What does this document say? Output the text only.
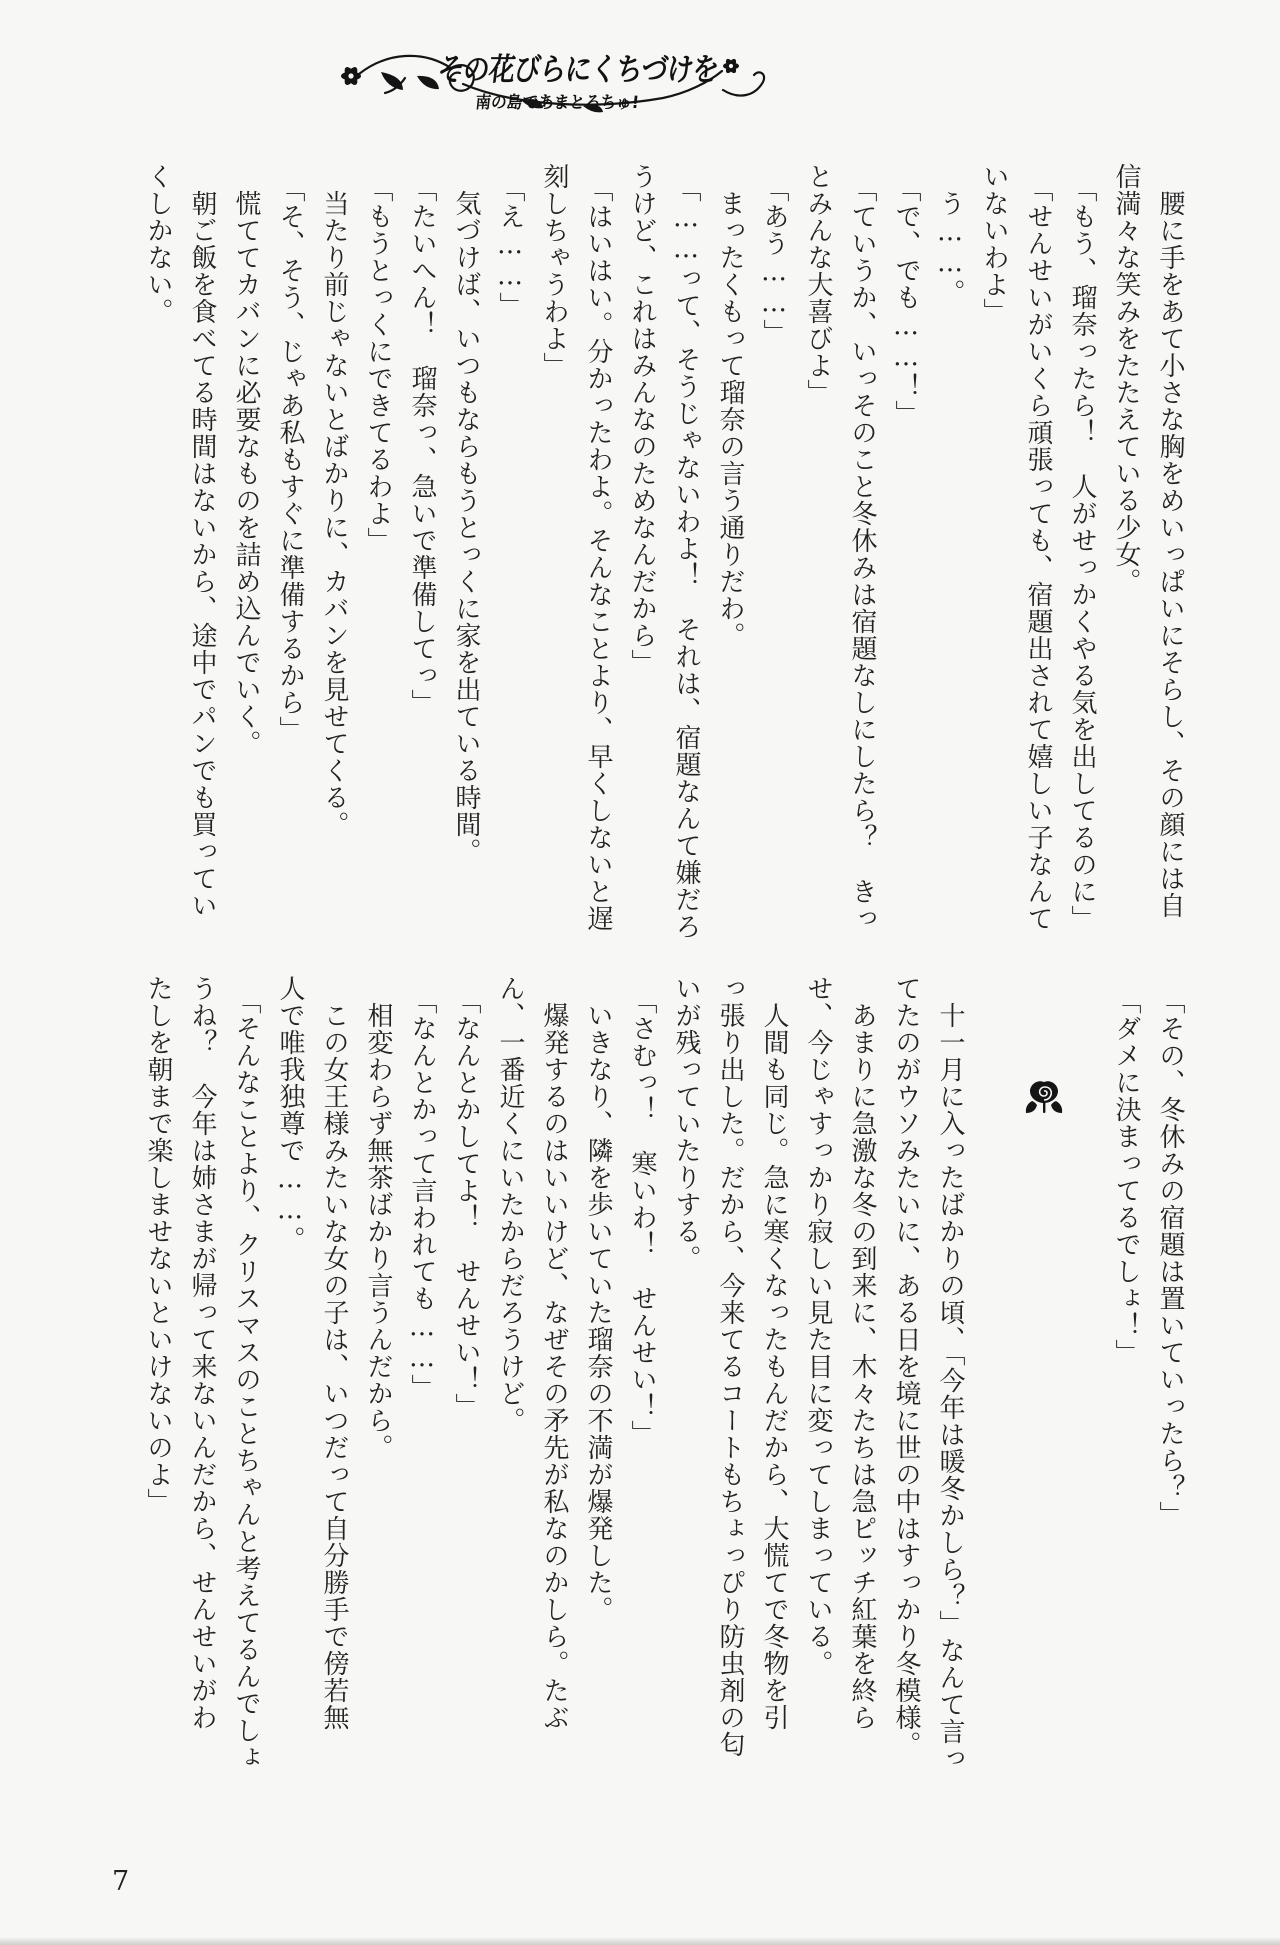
その花びらにくちづけを
南の島であまとろちゅ!

　腰に手をあて小さな胸をめいっぱいにそらし、その顔には自

信満々な笑みをたたえている少女。

「もう、瑠奈ったら！　人がせっかくやる気を出してるのに」

「せんせいがいくら頑張っても、宿題出されて嬉しい子なんて

いないわよ」

　う……。

「で、でも……！」

「ていうか、いっそのこと冬休みは宿題なしにしたら？　きっ

とみんな大喜びよ」

「あう……」

　まったくもって瑠奈の言う通りだわ。

「……って、そうじゃないわよ！　それは、宿題なんて嫌だろ

うけど、これはみんなのためなんだから」

「はいはい。分かったわよ。そんなことより、早くしないと遅

刻しちゃうわよ」

「え……」

　気づけば、いつもならもうとっくに家を出ている時間。

「たいへん！　瑠奈っ、急いで準備してっ」

「もうとっくにできてるわよ」

　当たり前じゃないとばかりに、カバンを見せてくる。

「そ、そう、じゃあ私もすぐに準備するから」

　慌ててカバンに必要なものを詰め込んでいく。

　朝ご飯を食べてる時間はないから、途中でパンでも買ってい

くしかない。

「その、冬休みの宿題は置いていったら？」

「ダメに決まってるでしょ！」

　十一月に入ったばかりの頃、「今年は暖冬かしら？」なんて言っ

てたのがウソみたいに、ある日を境に世の中はすっかり冬模様。

　あまりに急激な冬の到来に、木々たちは急ピッチ紅葉を終ら

せ、今じゃすっかり寂しい見た目に変ってしまっている。

　人間も同じ。急に寒くなったもんだから、大慌てで冬物を引

っ張り出した。だから、今来てるコートもちょっぴり防虫剤の匂

いが残っていたりする。

「さむっ！　寒いわ！　せんせい！」

　いきなり、隣を歩いていた瑠奈の不満が爆発した。

　爆発するのはいいけど、なぜその矛先が私なのかしら。たぶ

ん、一番近くにいたからだろうけど。

「なんとかしてよ！　せんせい！」

「なんとかって言われても……」

　相変わらず無茶ばかり言うんだから。

　この女王様みたいな女の子は、いつだって自分勝手で傍若無

人で唯我独尊で……。

「そんなことより、クリスマスのことちゃんと考えてるんでしょ

うね？　今年は姉さまが帰って来ないんだから、せんせいがわ

たしを朝まで楽しませないといけないのよ」

7
